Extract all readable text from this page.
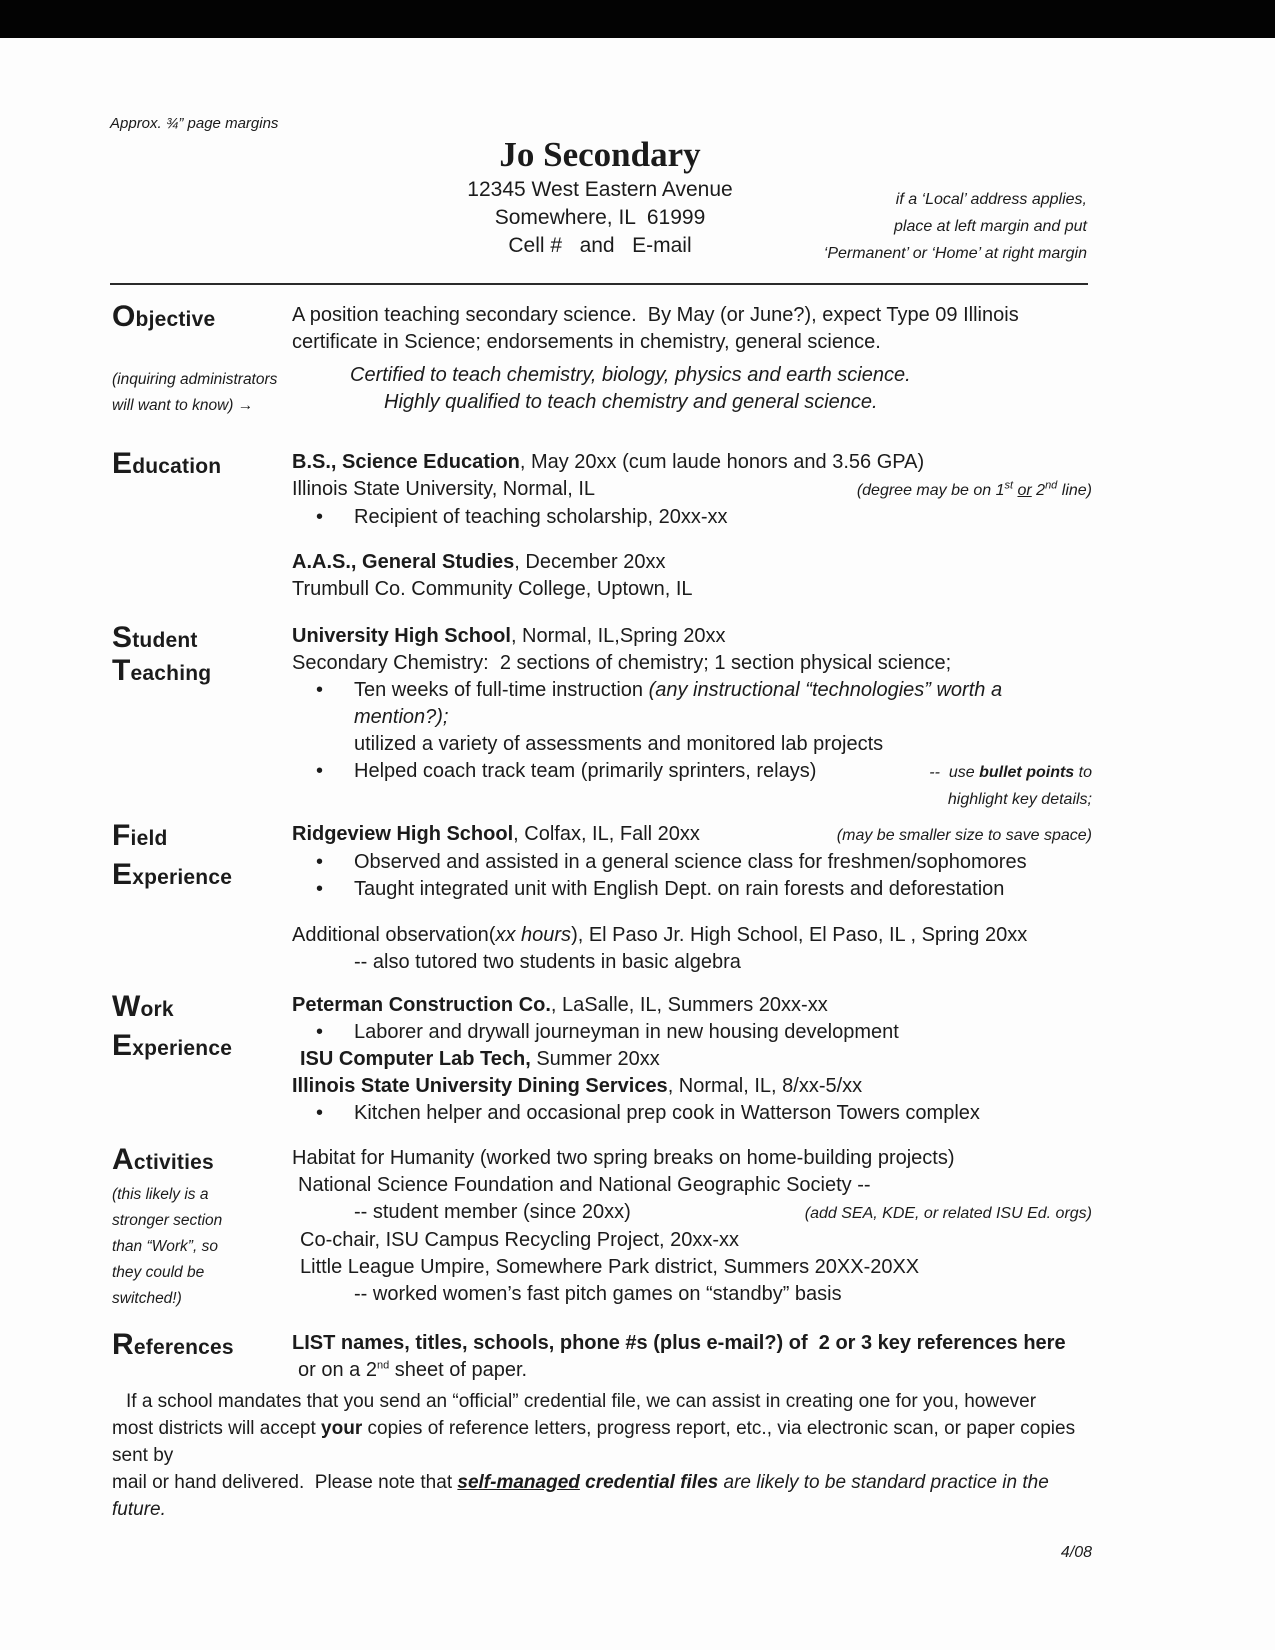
Approx. ¾” page margins
Jo Secondary
12345 West Eastern Avenue
Somewhere, IL  61999
Cell #   and   E-mail
if a ‘Local’ address applies,
place at left margin and put
‘Permanent’ or ‘Home’ at right margin
Objective
(inquiring administrators
will want to know) →
A position teaching secondary science.  By May (or June?), expect Type 09 Illinois
certificate in Science; endorsements in chemistry, general science.
Certified to teach chemistry, biology, physics and earth science.
Highly qualified to teach chemistry and general science.
Education	B.S., Science Education, May 20xx (cum laude honors and 3.56 GPA)
Illinois State University, Normal, IL	(degree may be on 1st or 2nd line)
•	Recipient of teaching scholarship, 20xx-xx
A.A.S., General Studies, December 20xx
Trumbull Co. Community College, Uptown, IL
Student
Teaching
University High School, Normal, IL,Spring 20xx
Secondary Chemistry:  2 sections of chemistry; 1 section physical science;
•	Ten weeks of full-time instruction (any instructional “technologies” worth a mention?);
utilized a variety of assessments and monitored lab projects
•	Helped coach track team (primarily sprinters, relays)	--  use bullet points to
highlight key details;
Field
Experience
Ridgeview High School, Colfax, IL, Fall 20xx	(may be smaller size to save space)
•	Observed and assisted in a general science class for freshmen/sophomores
•	Taught integrated unit with English Dept. on rain forests and deforestation
Additional observation(xx hours), El Paso Jr. High School, El Paso, IL , Spring 20xx
-- also tutored two students in basic algebra
Work
Experience
Peterman Construction Co., LaSalle, IL, Summers 20xx-xx
•	Laborer and drywall journeyman in new housing development
ISU Computer Lab Tech, Summer 20xx
Illinois State University Dining Services, Normal, IL, 8/xx-5/xx
•	Kitchen helper and occasional prep cook in Watterson Towers complex
Activities
(this likely is a
stronger section
than “Work”, so
they could be
switched!)
Habitat for Humanity (worked two spring breaks on home-building projects)
National Science Foundation and National Geographic Society --
-- student member (since 20xx)	(add SEA, KDE, or related ISU Ed. orgs)
Co-chair, ISU Campus Recycling Project, 20xx-xx
Little League Umpire, Somewhere Park district, Summers 20XX-20XX
-- worked women’s fast pitch games on “standby” basis
References	LIST names, titles, schools, phone #s (plus e-mail?) of  2 or 3 key references here
or on a 2nd sheet of paper.
If a school mandates that you send an “official” credential file, we can assist in creating one for you, however
most districts will accept your copies of reference letters, progress report, etc., via electronic scan, or paper copies sent by
mail or hand delivered.  Please note that self-managed credential files are likely to be standard practice in the future.
4/08
